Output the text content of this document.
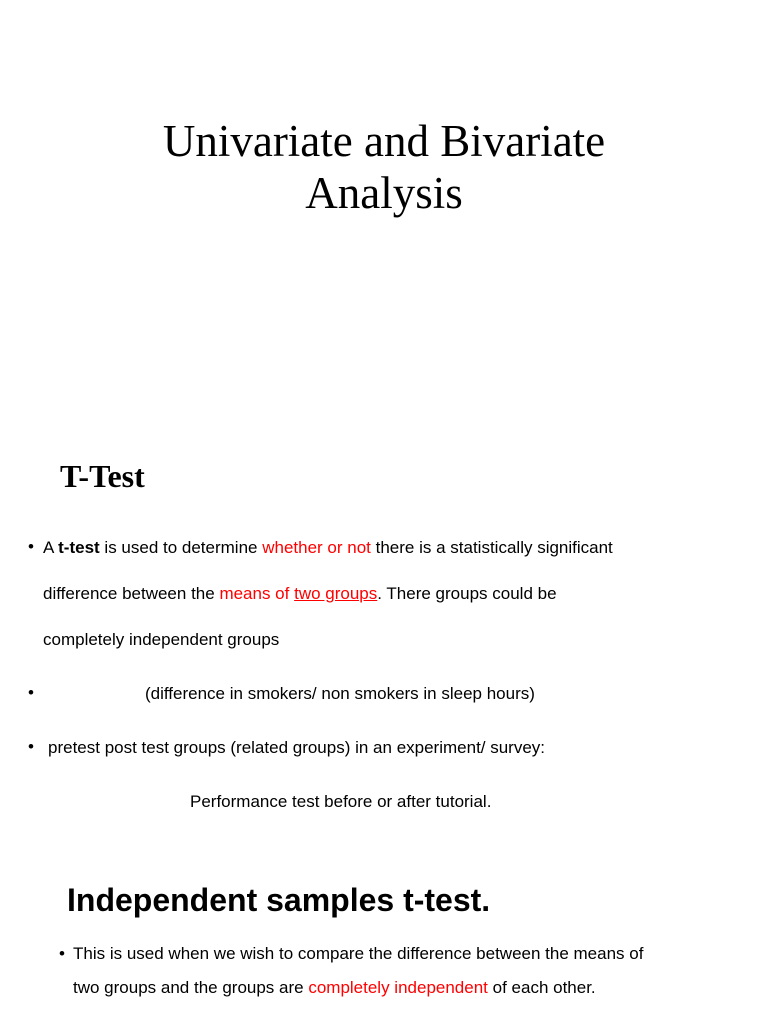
Univariate and Bivariate
Analysis
T-Test
• A t-test is used to determine whether or not there is a statistically significant
difference between the means of two groups. There groups could be
completely independent groups
•	(difference in smokers/ non smokers in sleep hours)
• pretest post test groups (related groups) in an experiment/ survey:
Performance test before or after tutorial.
Independent samples t-test.
• This is used when we wish to compare the difference between the means of
two groups and the groups are completely independent of each other.
